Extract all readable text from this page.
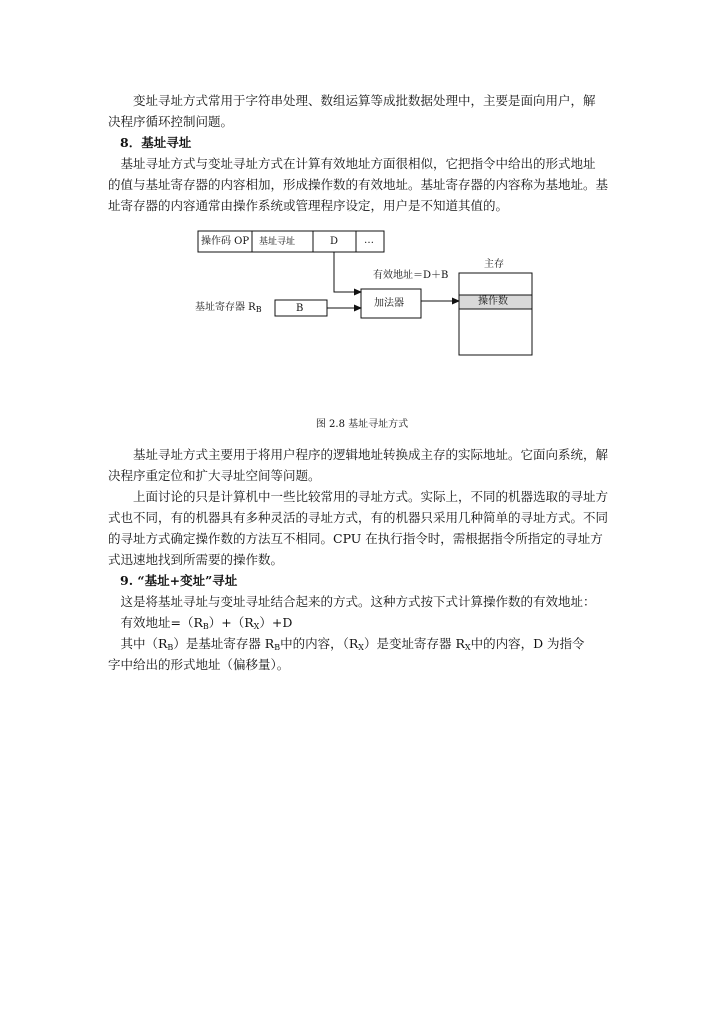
变址寻址方式常用于字符串处理、数组运算等成批数据处理中，主要是面向用户，解
决程序循环控制问题。

8．基址寻址

基址寻址方式与变址寻址方式在计算有效地址方面很相似，它把指令中给出的形式地址
的值与基址寄存器的内容相加，形成操作数的有效地址。基址寄存器的内容称为基地址。基
址寄存器的内容通常由操作系统或管理程序设定，用户是不知道其值的。

操作码 OP 基址寻址	D	…
有效地址＝D＋B
主存
基址寄存器 $R_B$	B	加法器	操作数
图 2.8 基址寻址方式

基址寻址方式主要用于将用户程序的逻辑地址转换成主存的实际地址。它面向系统，解
决程序重定位和扩大寻址空间等问题。

上面讨论的只是计算机中一些比较常用的寻址方式。实际上，不同的机器选取的寻址方
式也不同，有的机器具有多种灵活的寻址方式，有的机器只采用几种简单的寻址方式。不同
的寻址方式确定操作数的方法互不相同。CPU 在执行指令时，需根据指令所指定的寻址方
式迅速地找到所需要的操作数。

9. “基址+变址”寻址

这是将基址寻址与变址寻址结合起来的方式。这种方式按下式计算操作数的有效地址：

有效地址$=(R_B)+(R_X)+D$

其中$(R_B)$是基址寄存器 $R_B$中的内容，$(R_X)$是变址寄存器 $R_X$中的内容，D 为指令
字中给出的形式地址（偏移量）。
